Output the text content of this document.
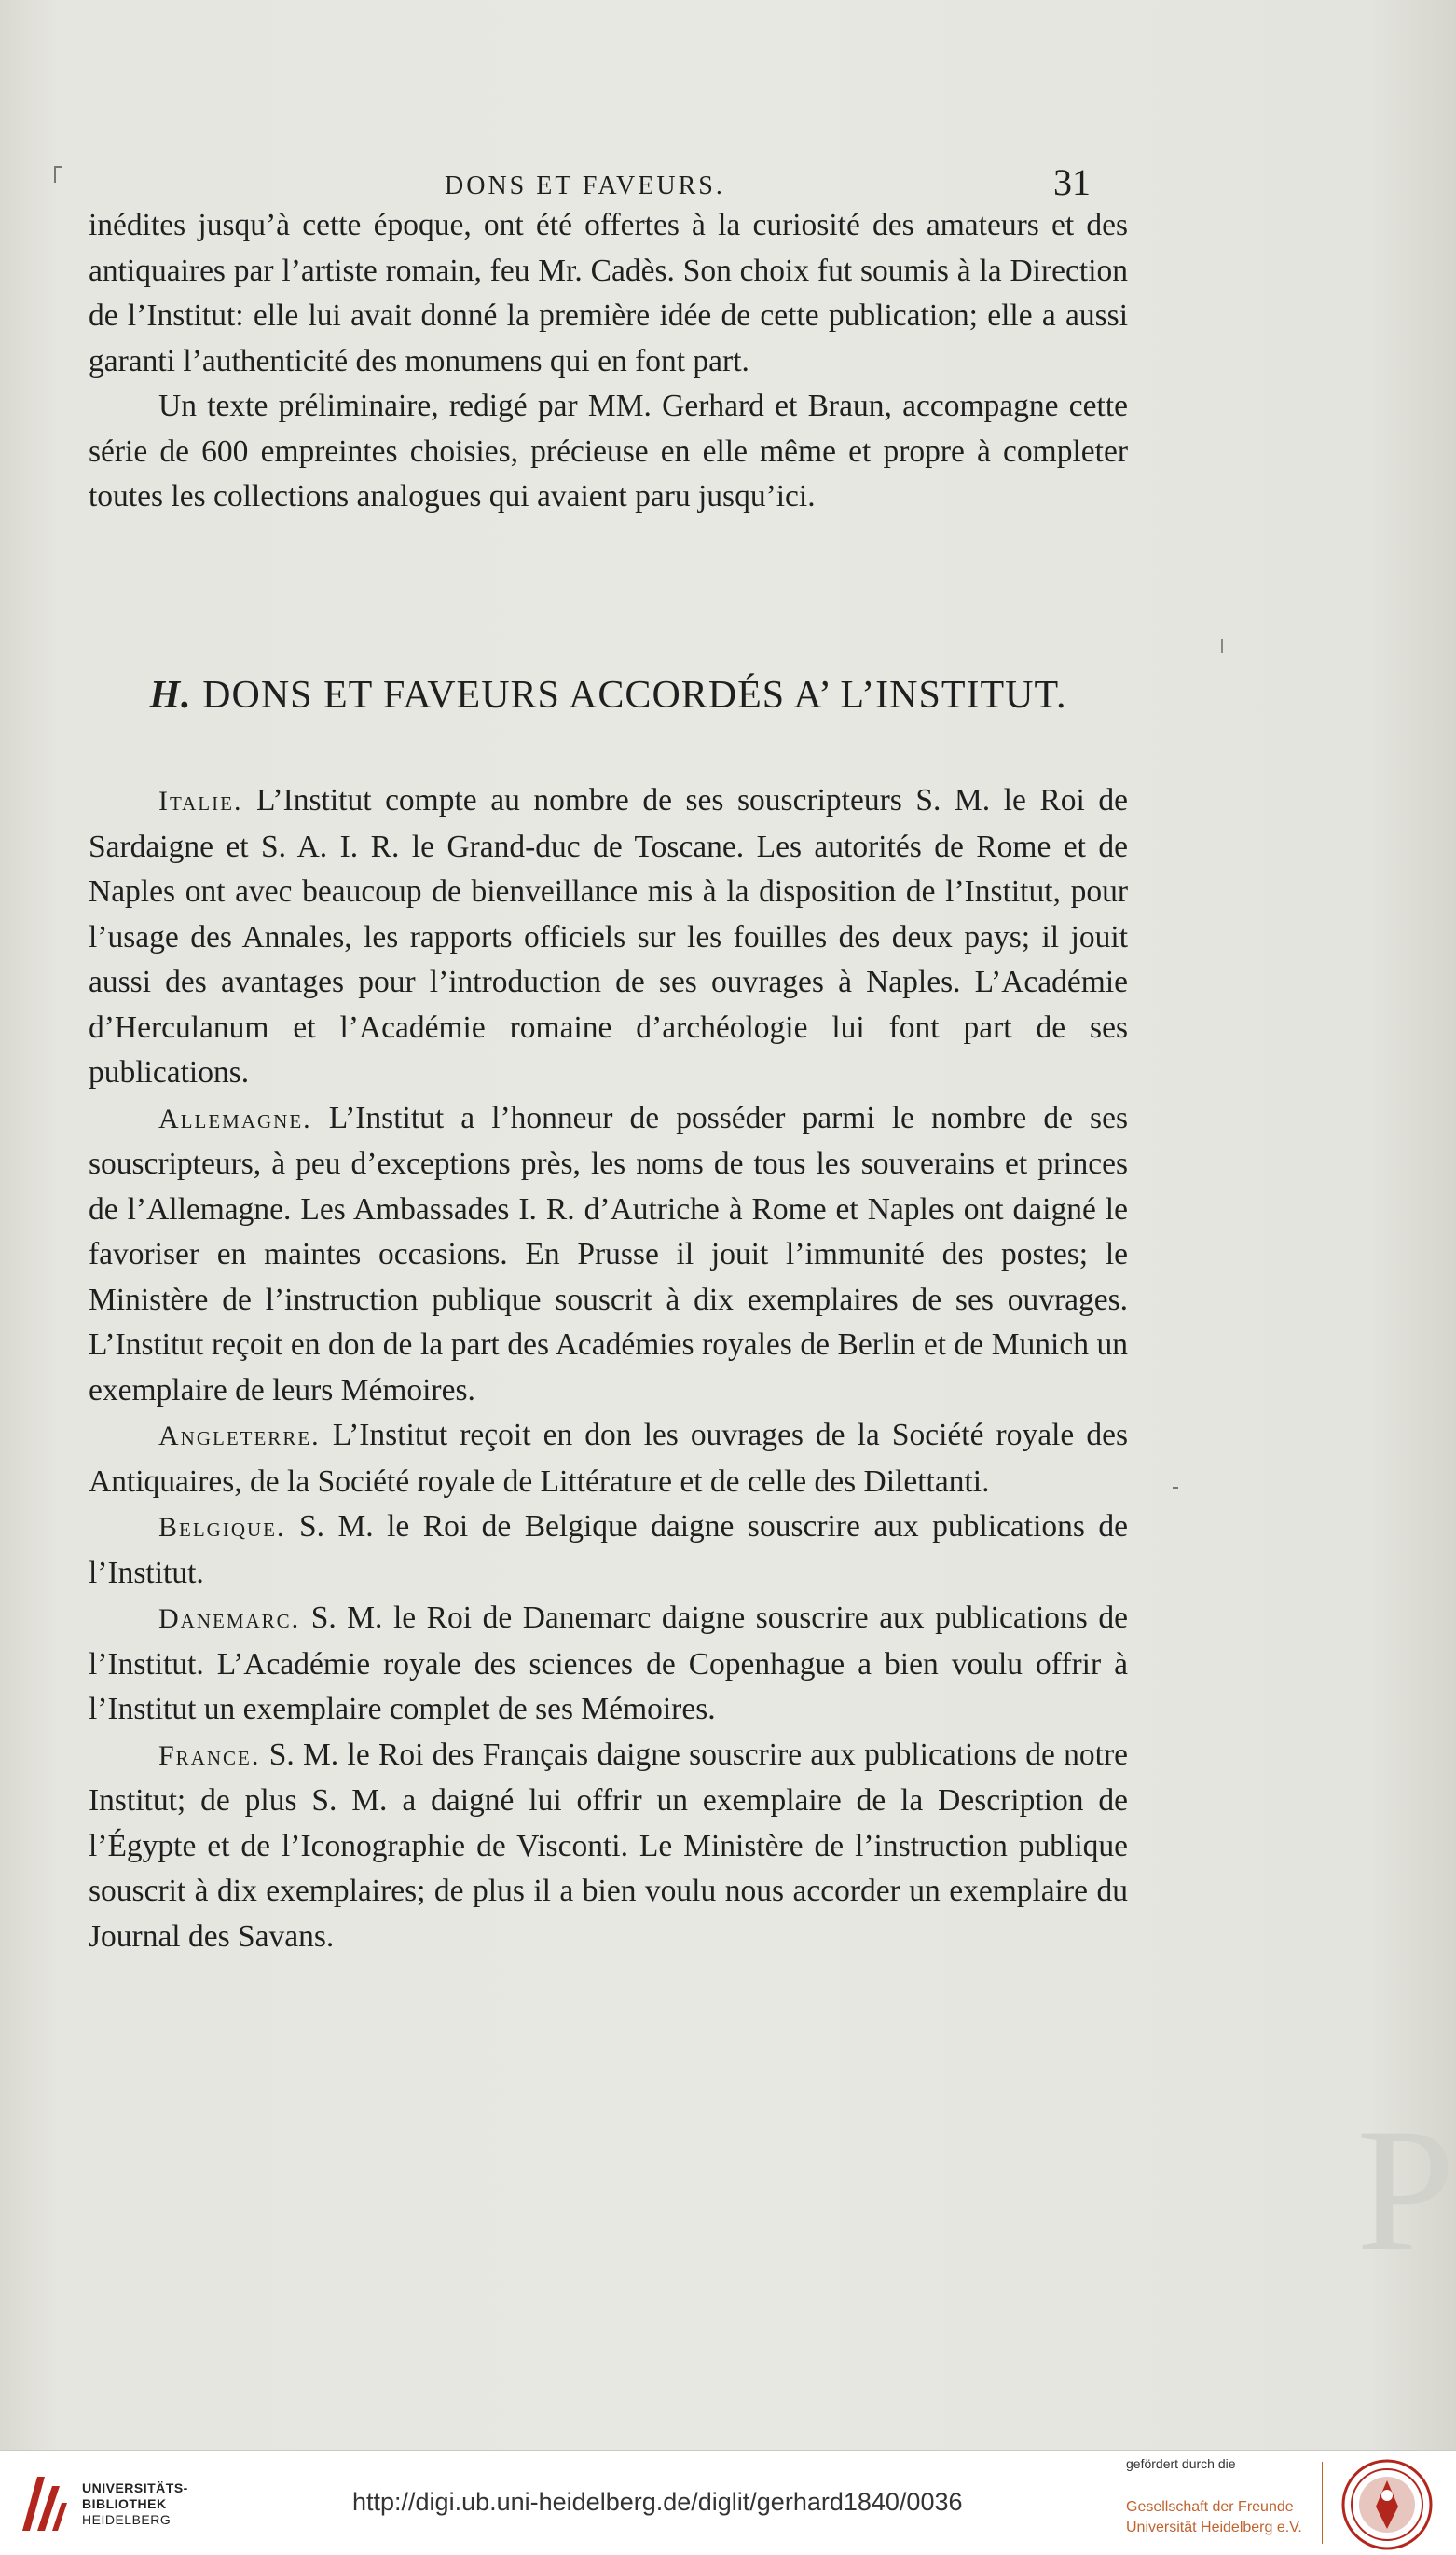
P
DONS ET FAVEURS.	31

inédites jusqu’à cette époque, ont été offertes à la curiosité des amateurs et des antiquaires par l’artiste romain, feu Mr. Cadès. Son choix fut soumis à la Direction de l’Institut: elle lui avait donné la première idée de cette publication; elle a aussi garanti l’authenticité des monumens qui en font part.

Un texte préliminaire, redigé par MM. Gerhard et Braun, accompagne cette série de 600 empreintes choisies, précieuse en elle même et propre à completer toutes les collections analogues qui avaient paru jusqu’ici.

H. DONS ET FAVEURS ACCORDÉS A’ L’INSTITUT.

Italie. L’Institut compte au nombre de ses souscripteurs S. M. le Roi de Sardaigne et S. A. I. R. le Grand-duc de Toscane. Les autorités de Rome et de Naples ont avec beaucoup de bienveillance mis à la disposition de l’Institut, pour l’usage des Annales, les rapports officiels sur les fouilles des deux pays; il jouit aussi des avantages pour l’introduction de ses ouvrages à Naples. L’Académie d’Herculanum et l’Académie romaine d’archéologie lui font part de ses publications.

Allemagne. L’Institut a l’honneur de posséder parmi le nombre de ses souscripteurs, à peu d’exceptions près, les noms de tous les souverains et princes de l’Allemagne. Les Ambassades I. R. d’Autriche à Rome et Naples ont daigné le favoriser en maintes occasions. En Prusse il jouit l’immunité des postes; le Ministère de l’instruction publique souscrit à dix exemplaires de ses ouvrages. L’Institut reçoit en don de la part des Académies royales de Berlin et de Munich un exemplaire de leurs Mémoires.

Angleterre. L’Institut reçoit en don les ouvrages de la Société royale des Antiquaires, de la Société royale de Littérature et de celle des Dilettanti.

Belgique. S. M. le Roi de Belgique daigne souscrire aux publications de l’Institut.

Danemarc. S. M. le Roi de Danemarc daigne souscrire aux publications de l’Institut. L’Académie royale des sciences de Copenhague a bien voulu offrir à l’Institut un exemplaire complet de ses Mémoires.

France. S. M. le Roi des Français daigne souscrire aux publications de notre Institut; de plus S. M. a daigné lui offrir un exemplaire de la Description de l’Égypte et de l’Iconographie de Visconti. Le Ministère de l’instruction publique souscrit à dix exemplaires; de plus il a bien voulu nous accorder un exemplaire du Journal des Savans.

UNIVERSITÄTS-
BIBLIOTHEK
HEIDELBERG
http://digi.ub.uni-heidelberg.de/diglit/gerhard1840/0036
gefördert durch die
Gesellschaft der Freunde
Universität Heidelberg e.V.
